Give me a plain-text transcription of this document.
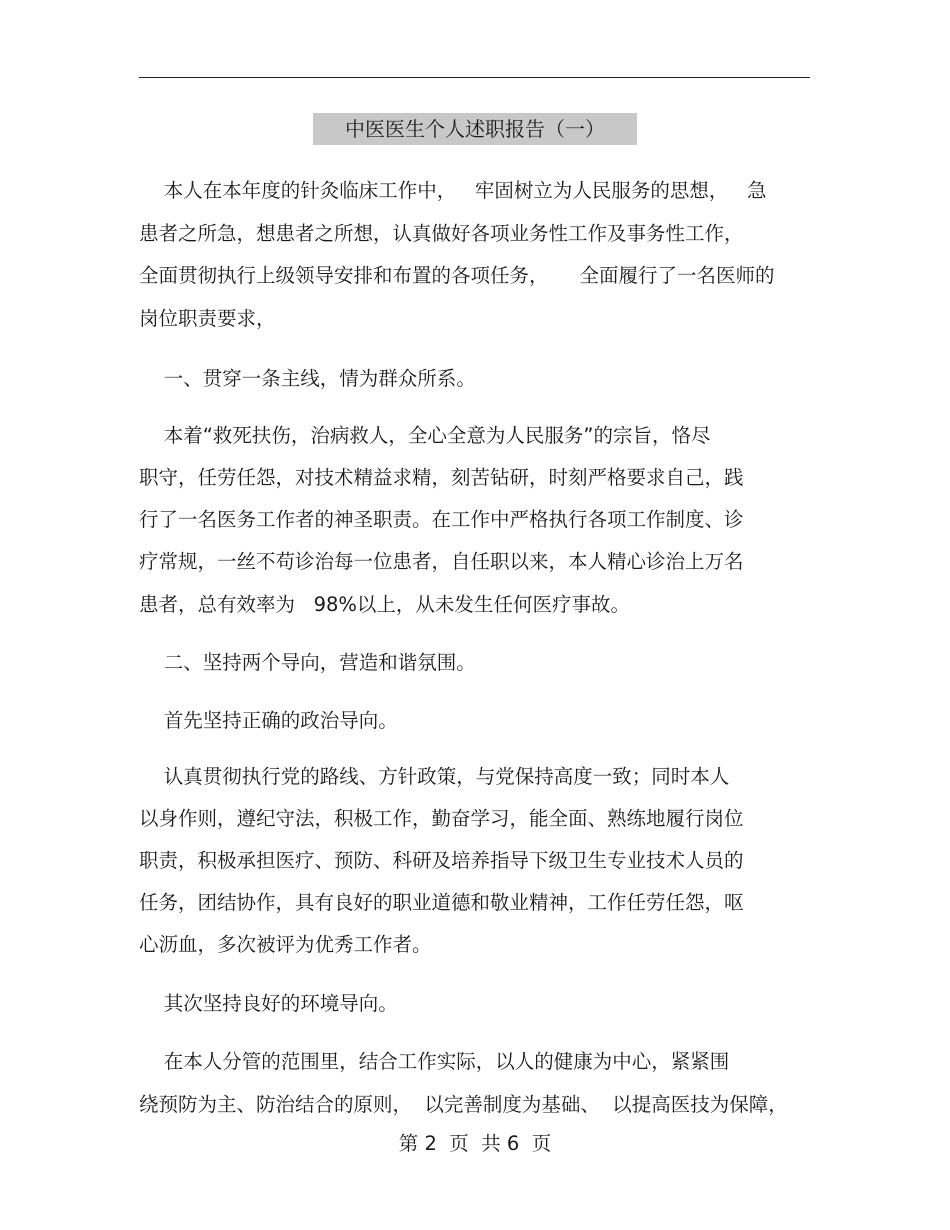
中医医生个人述职报告（一）
本人在本年度的针灸临床工作中，   牢固树立为人民服务的思想，   急
患者之所急，想患者之所想，认真做好各项业务性工作及事务性工作，
全面贯彻执行上级领导安排和布置的各项任务，     全面履行了一名医师的
岗位职责要求，
一、贯穿一条主线，情为群众所系。
本着“救死扶伤，治病救人，全心全意为人民服务”的宗旨，恪尽
职守，任劳任怨，对技术精益求精，刻苦钻研，时刻严格要求自己，践
行了一名医务工作者的神圣职责。在工作中严格执行各项工作制度、诊
疗常规，一丝不苟诊治每一位患者，自任职以来，本人精心诊治上万名
患者，总有效率为   98%以上，从未发生任何医疗事故。
二、坚持两个导向，营造和谐氛围。
首先坚持正确的政治导向。
认真贯彻执行党的路线、方针政策，与党保持高度一致；同时本人
以身作则，遵纪守法，积极工作，勤奋学习，能全面、熟练地履行岗位
职责，积极承担医疗、预防、科研及培养指导下级卫生专业技术人员的
任务，团结协作，具有良好的职业道德和敬业精神，工作任劳任怨，呕
心沥血，多次被评为优秀工作者。
其次坚持良好的环境导向。
在本人分管的范围里，结合工作实际，以人的健康为中心，紧紧围
绕预防为主、防治结合的原则，  以完善制度为基础、  以提高医技为保障，
第 2  页  共 6  页
